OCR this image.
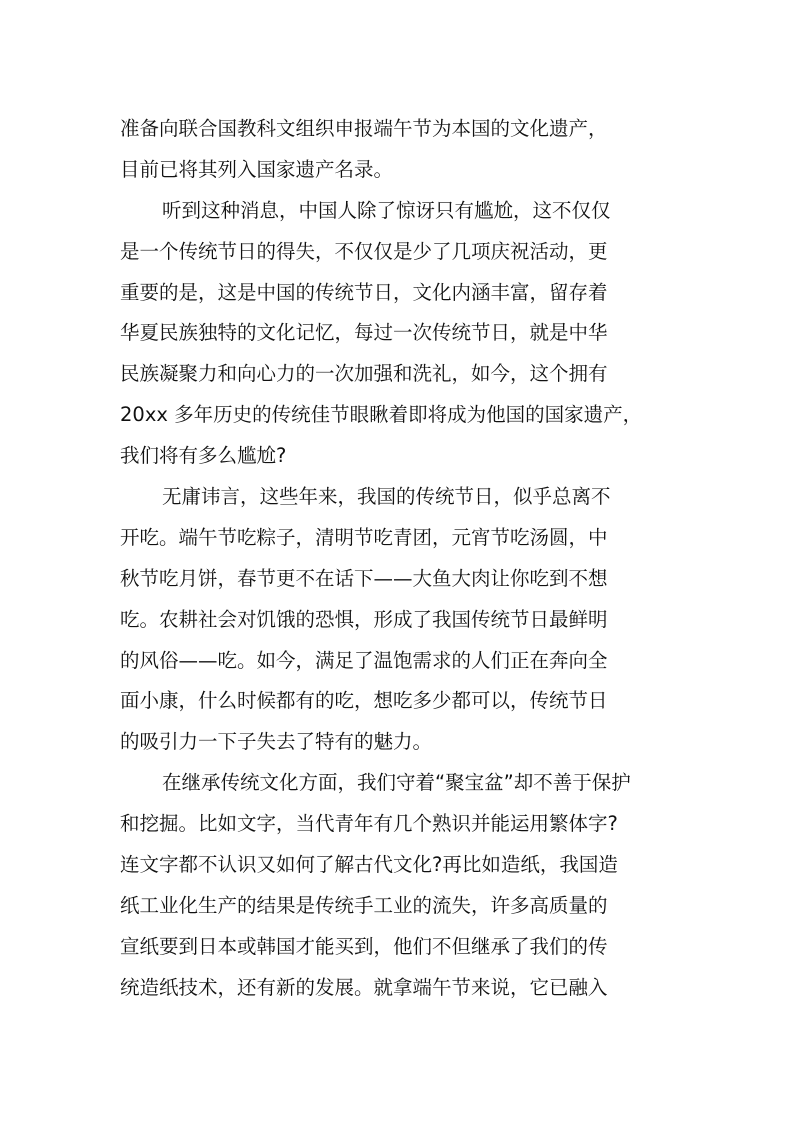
准备向联合国教科文组织申报端午节为本国的文化遗产，
目前已将其列入国家遗产名录。
听到这种消息，中国人除了惊讶只有尴尬，这不仅仅
是一个传统节日的得失，不仅仅是少了几项庆祝活动，更
重要的是，这是中国的传统节日，文化内涵丰富，留存着
华夏民族独特的文化记忆，每过一次传统节日，就是中华
民族凝聚力和向心力的一次加强和洗礼，如今，这个拥有
20xx 多年历史的传统佳节眼瞅着即将成为他国的国家遗产，
我们将有多么尴尬?
无庸讳言，这些年来，我国的传统节日，似乎总离不
开吃。端午节吃粽子，清明节吃青团，元宵节吃汤圆，中
秋节吃月饼，春节更不在话下——大鱼大肉让你吃到不想
吃。农耕社会对饥饿的恐惧，形成了我国传统节日最鲜明
的风俗——吃。如今，满足了温饱需求的人们正在奔向全
面小康，什么时候都有的吃，想吃多少都可以，传统节日
的吸引力一下子失去了特有的魅力。
在继承传统文化方面，我们守着“聚宝盆”却不善于保护
和挖掘。比如文字，当代青年有几个熟识并能运用繁体字?
连文字都不认识又如何了解古代文化?再比如造纸，我国造
纸工业化生产的结果是传统手工业的流失，许多高质量的
宣纸要到日本或韩国才能买到，他们不但继承了我们的传
统造纸技术，还有新的发展。就拿端午节来说，它已融入
